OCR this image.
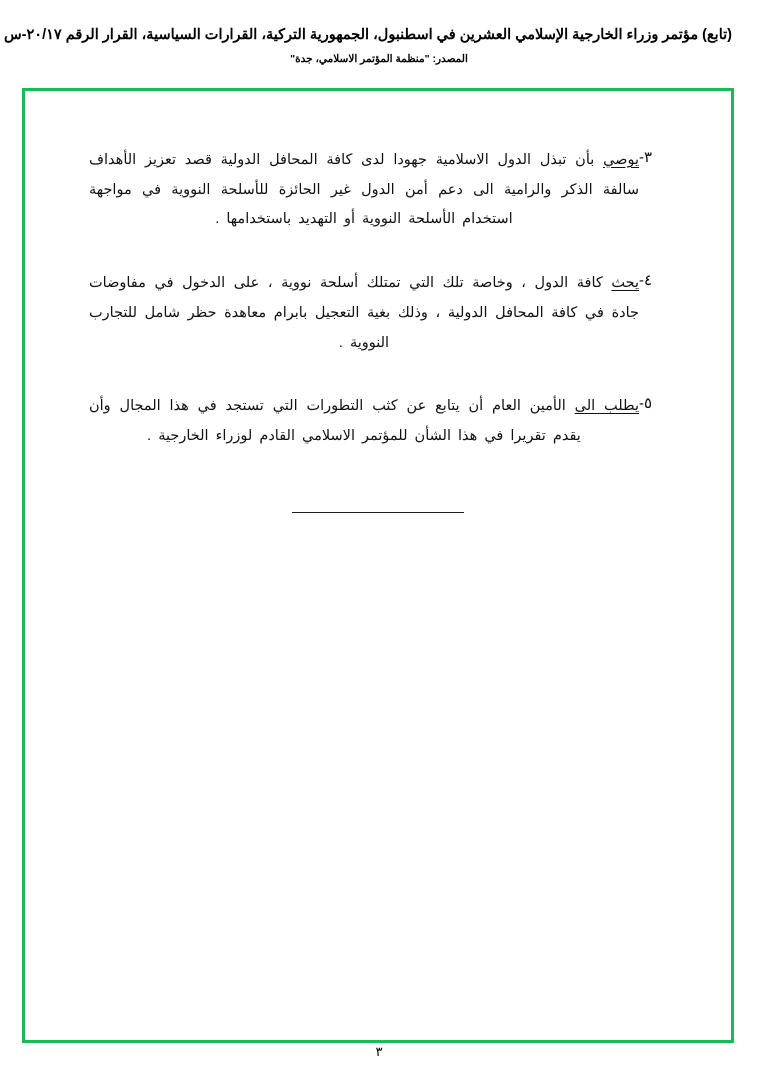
(تابع) مؤتمر وزراء الخارجية الإسلامي العشرين في اسطنبول، الجمهورية التركية، القرارات السياسية، القرار الرقم ٢٠/١٧-س
المصدر: "منظمة المؤتمر الاسلامي، جدة"
٣-
يوصي بأن تبذل الدول الاسلامية جهودا لدى كافة المحافل الدولية قصد تعزيز الأهداف سالفة الذكر والرامية الى دعم أمن الدول غير الحائزة للأسلحة النووية في مواجهة استخدام الأسلحة النووية أو التهديد باستخدامها .
٤-
يحث كافة الدول ، وخاصة تلك التي تمتلك أسلحة نووية ، على الدخول في مفاوضات جادة في كافة المحافل الدولية ، وذلك بغية التعجيل بابرام معاهدة حظر شامل للتجارب النووية .
٥-
يطلب الى الأمين العام أن يتابع عن كثب التطورات التي تستجد في هذا المجال وأن يقدم تقريرا في هذا الشأن للمؤتمر الاسلامي القادم لوزراء الخارجية .
٣
